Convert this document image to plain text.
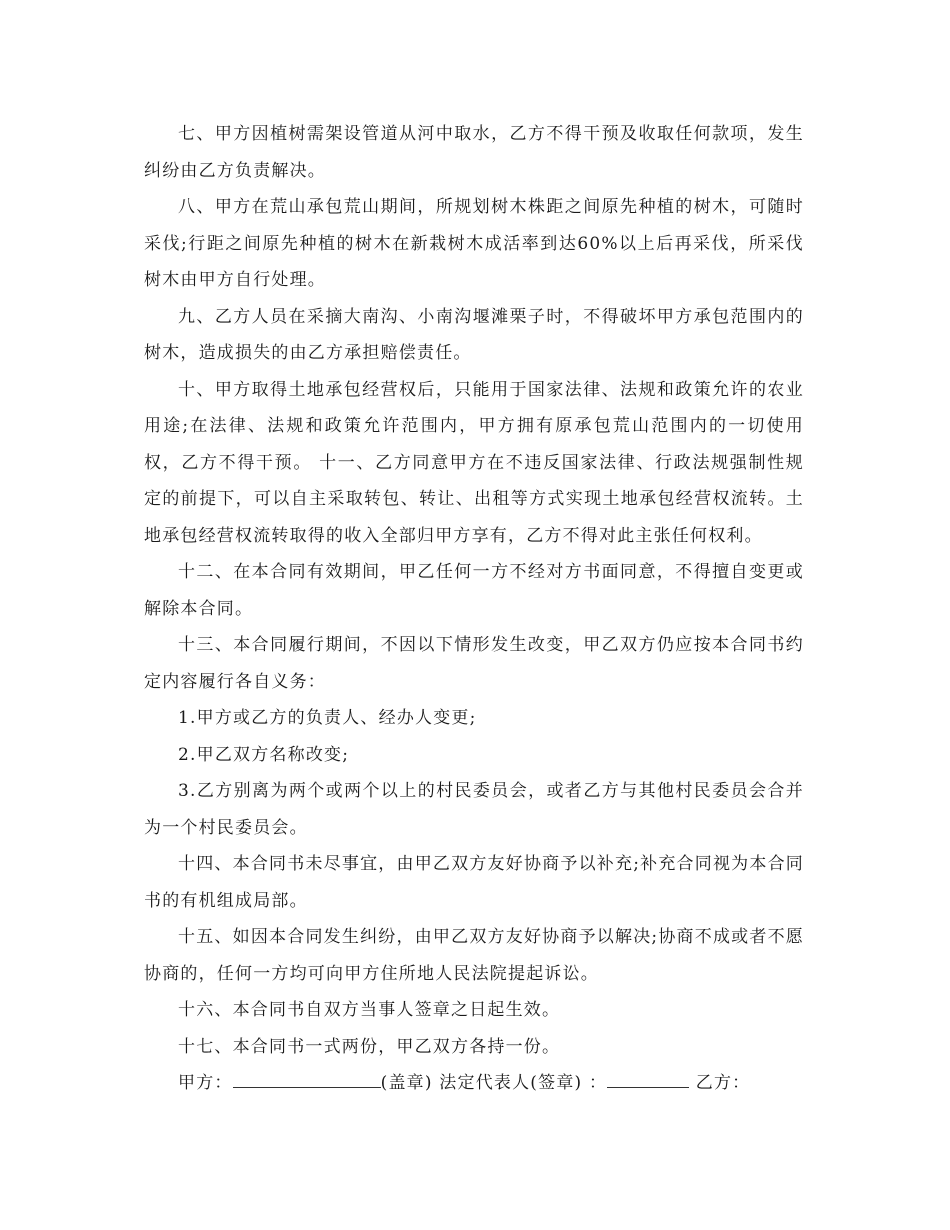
七、甲方因植树需架设管道从河中取水，乙方不得干预及收取任何款项，发生纠纷由乙方负责解决。

八、甲方在荒山承包荒山期间，所规划树木株距之间原先种植的树木，可随时采伐;行距之间原先种植的树木在新栽树木成活率到达60%以上后再采伐，所采伐树木由甲方自行处理。

九、乙方人员在采摘大南沟、小南沟堰滩栗子时，不得破坏甲方承包范围内的树木，造成损失的由乙方承担赔偿责任。

十、甲方取得土地承包经营权后，只能用于国家法律、法规和政策允许的农业用途;在法律、法规和政策允许范围内，甲方拥有原承包荒山范围内的一切使用权，乙方不得干预。 十一、乙方同意甲方在不违反国家法律、行政法规强制性规定的前提下，可以自主采取转包、转让、出租等方式实现土地承包经营权流转。土地承包经营权流转取得的收入全部归甲方享有，乙方不得对此主张任何权利。

十二、在本合同有效期间，甲乙任何一方不经对方书面同意，不得擅自变更或解除本合同。

十三、本合同履行期间，不因以下情形发生改变，甲乙双方仍应按本合同书约定内容履行各自义务：

1.甲方或乙方的负责人、经办人变更;

2.甲乙双方名称改变;

3.乙方别离为两个或两个以上的村民委员会，或者乙方与其他村民委员会合并为一个村民委员会。

十四、本合同书未尽事宜，由甲乙双方友好协商予以补充;补充合同视为本合同书的有机组成局部。

十五、如因本合同发生纠纷，由甲乙双方友好协商予以解决;协商不成或者不愿协商的，任何一方均可向甲方住所地人民法院提起诉讼。

十六、本合同书自双方当事人签章之日起生效。

十七、本合同书一式两份，甲乙双方各持一份。

甲方：	(盖章) 法定代表人(签章) ：	乙方：
